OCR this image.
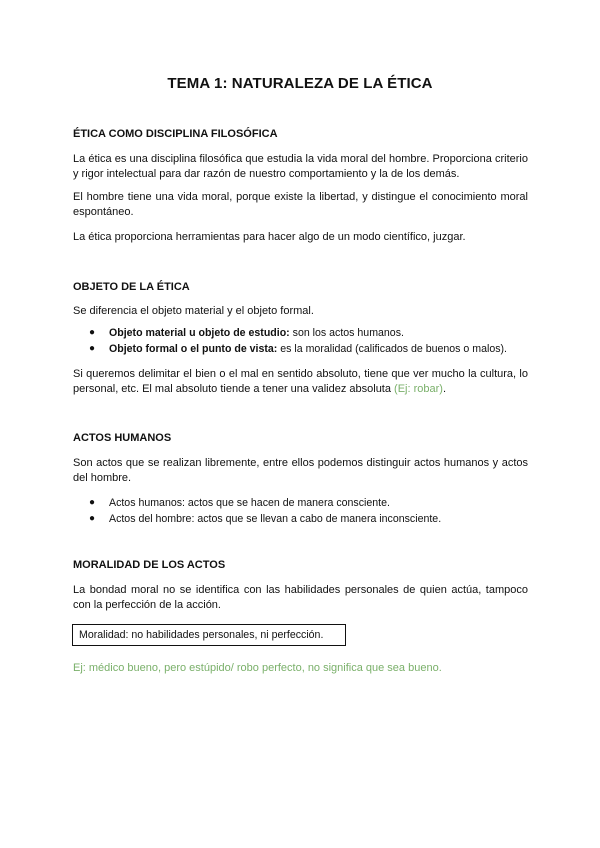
TEMA 1: NATURALEZA DE LA ÉTICA
ÉTICA COMO DISCIPLINA FILOSÓFICA
La ética es una disciplina filosófica que estudia la vida moral del hombre. Proporciona criterio y rigor intelectual para dar razón de nuestro comportamiento y la de los demás.
El hombre tiene una vida moral, porque existe la libertad, y distingue el conocimiento moral espontáneo.
La ética proporciona herramientas para hacer algo de un modo científico, juzgar.
OBJETO DE LA ÉTICA
Se diferencia el objeto material y el objeto formal.
● Objeto material u objeto de estudio: son los actos humanos.
● Objeto formal o el punto de vista: es la moralidad (calificados de buenos o malos).
Si queremos delimitar el bien o el mal en sentido absoluto, tiene que ver mucho la cultura, lo personal, etc. El mal absoluto tiende a tener una validez absoluta (Ej: robar).
ACTOS HUMANOS
Son actos que se realizan libremente, entre ellos podemos distinguir actos humanos y actos del hombre.
● Actos humanos: actos que se hacen de manera consciente.
● Actos del hombre: actos que se llevan a cabo de manera inconsciente.
MORALIDAD DE LOS ACTOS
La bondad moral no se identifica con las habilidades personales de quien actúa, tampoco con la perfección de la acción.
Moralidad: no habilidades personales, ni perfección.
Ej: médico bueno, pero estúpido/ robo perfecto, no significa que sea bueno.
